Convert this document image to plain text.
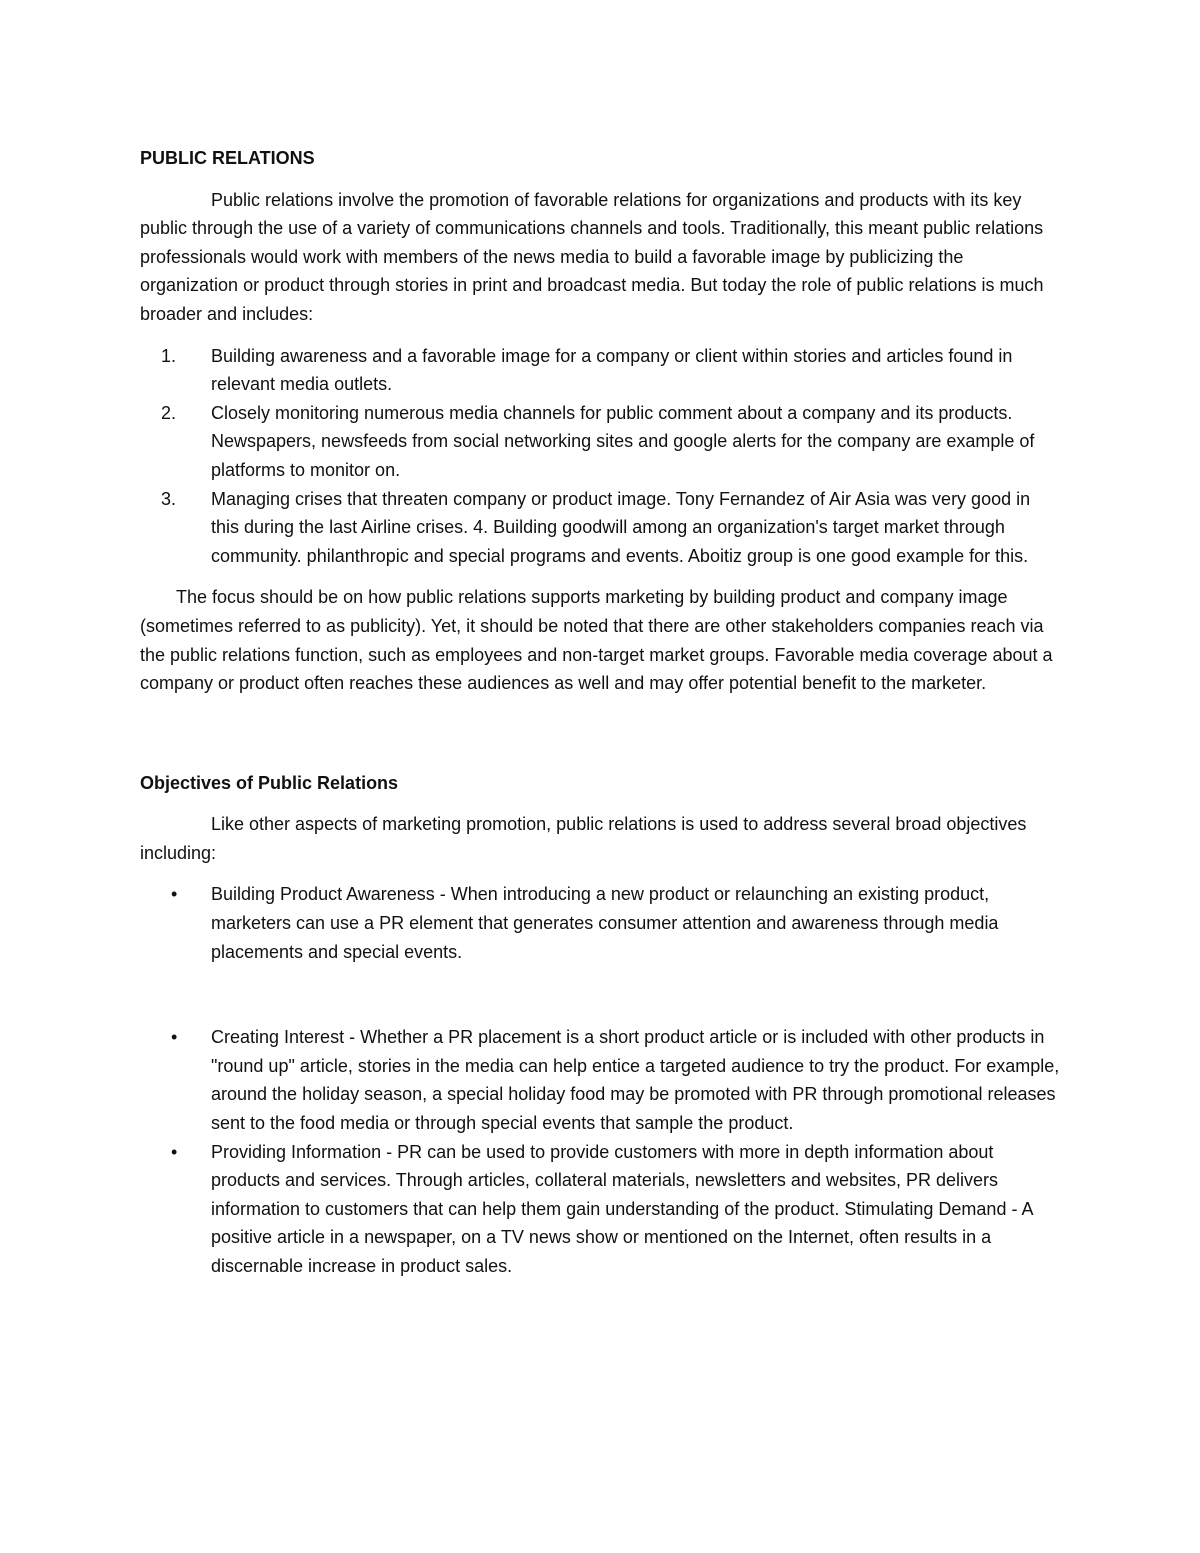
PUBLIC RELATIONS

Public relations involve the promotion of favorable relations for organizations and products with its key public through the use of a variety of communications channels and tools. Traditionally, this meant public relations professionals would work with members of the news media to build a favorable image by publicizing the organization or product through stories in print and broadcast media. But today the role of public relations is much broader and includes:

1. Building awareness and a favorable image for a company or client within stories and articles found in relevant media outlets.
2. Closely monitoring numerous media channels for public comment about a company and its products. Newspapers, newsfeeds from social networking sites and google alerts for the company are example of platforms to monitor on.
3. Managing crises that threaten company or product image. Tony Fernandez of Air Asia was very good in this during the last Airline crises. 4. Building goodwill among an organization's target market through community. philanthropic and special programs and events. Aboitiz group is one good example for this.

The focus should be on how public relations supports marketing by building product and company image (sometimes referred to as publicity). Yet, it should be noted that there are other stakeholders companies reach via the public relations function, such as employees and non-target market groups. Favorable media coverage about a company or product often reaches these audiences as well and may offer potential benefit to the marketer.

Objectives of Public Relations

Like other aspects of marketing promotion, public relations is used to address several broad objectives including:

• Building Product Awareness - When introducing a new product or relaunching an existing product, marketers can use a PR element that generates consumer attention and awareness through media placements and special events.
• Creating Interest - Whether a PR placement is a short product article or is included with other products in "round up" article, stories in the media can help entice a targeted audience to try the product. For example, around the holiday season, a special holiday food may be promoted with PR through promotional releases sent to the food media or through special events that sample the product.
• Providing Information - PR can be used to provide customers with more in depth information about products and services. Through articles, collateral materials, newsletters and websites, PR delivers information to customers that can help them gain understanding of the product. Stimulating Demand - A positive article in a newspaper, on a TV news show or mentioned on the Internet, often results in a discernable increase in product sales.
